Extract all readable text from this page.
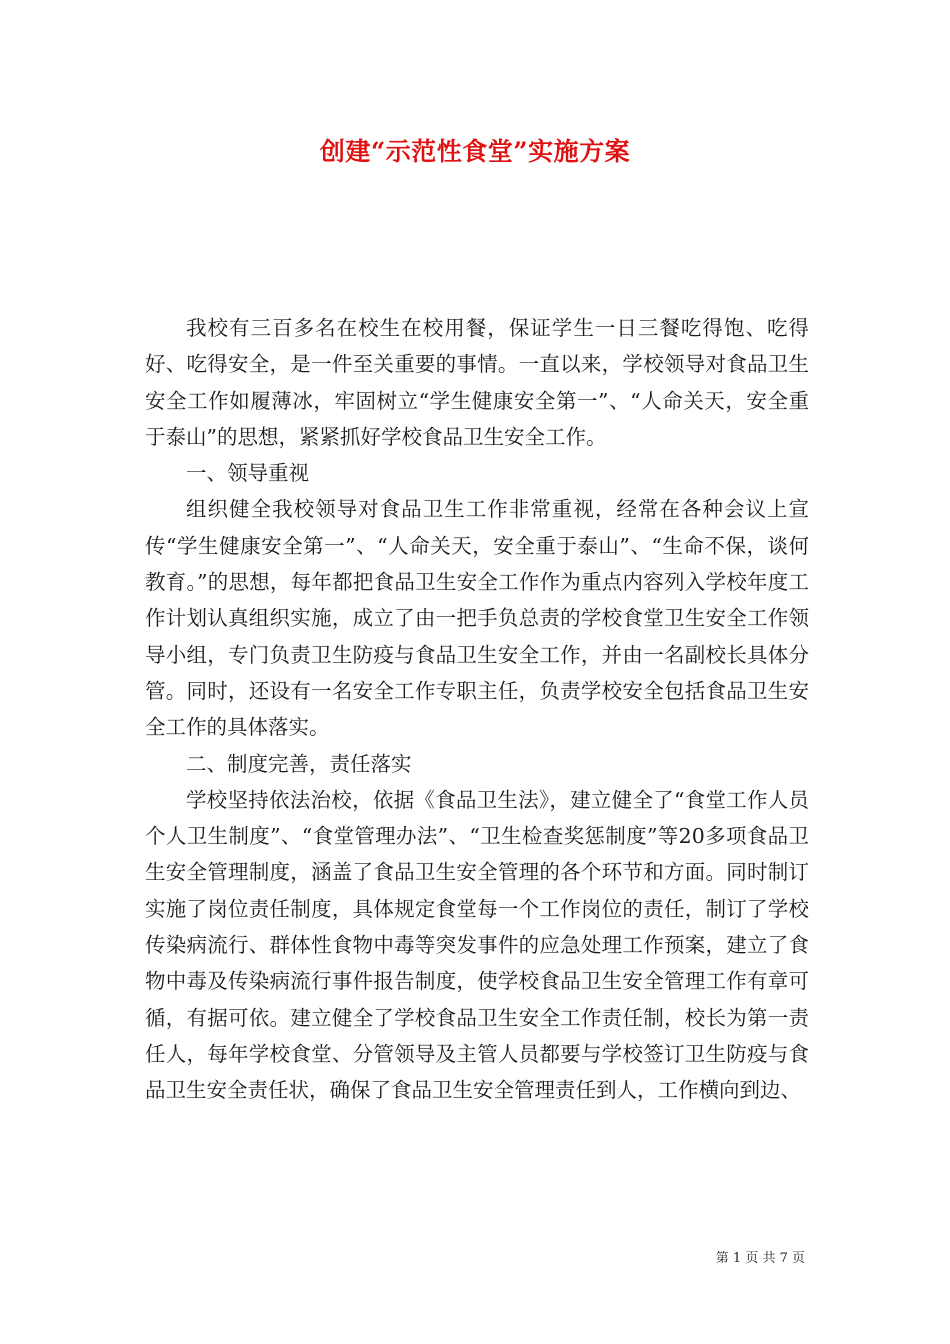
创建“示范性食堂”实施方案

我校有三百多名在校生在校用餐，保证学生一日三餐吃得饱、吃得好、吃得安全，是一件至关重要的事情。一直以来，学校领导对食品卫生安全工作如履薄冰，牢固树立“学生健康安全第一”、“人命关天，安全重于泰山”的思想，紧紧抓好学校食品卫生安全工作。

一、领导重视

组织健全我校领导对食品卫生工作非常重视，经常在各种会议上宣传“学生健康安全第一”、“人命关天，安全重于泰山”、“生命不保，谈何教育。”的思想，每年都把食品卫生安全工作作为重点内容列入学校年度工作计划认真组织实施，成立了由一把手负总责的学校食堂卫生安全工作领导小组，专门负责卫生防疫与食品卫生安全工作，并由一名副校长具体分管。同时，还设有一名安全工作专职主任，负责学校安全包括食品卫生安全工作的具体落实。

二、制度完善，责任落实

学校坚持依法治校，依据《食品卫生法》，建立健全了“食堂工作人员个人卫生制度”、“食堂管理办法”、“卫生检查奖惩制度”等20多项食品卫生安全管理制度，涵盖了食品卫生安全管理的各个环节和方面。同时制订实施了岗位责任制度，具体规定食堂每一个工作岗位的责任，制订了学校传染病流行、群体性食物中毒等突发事件的应急处理工作预案，建立了食物中毒及传染病流行事件报告制度，使学校食品卫生安全管理工作有章可循，有据可依。建立健全了学校食品卫生安全工作责任制，校长为第一责任人，每年学校食堂、分管领导及主管人员都要与学校签订卫生防疫与食品卫生安全责任状，确保了食品卫生安全管理责任到人，工作横向到边、

第 1 页 共 7 页
